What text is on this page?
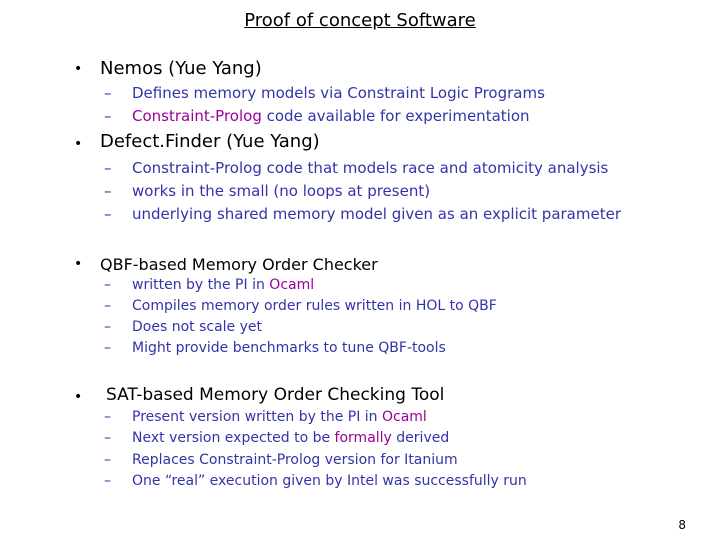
Proof of concept Software
• Nemos (Yue Yang)
– Defines memory models via Constraint Logic Programs
– Constraint-Prolog code available for experimentation
• Defect.Finder (Yue Yang)
– Constraint-Prolog code that models race and atomicity analysis
– works in the small (no loops at present)
– underlying shared memory model given as an explicit parameter
• QBF-based Memory Order Checker
– written by the PI in Ocaml
– Compiles memory order rules written in HOL to QBF
– Does not scale yet
– Might provide benchmarks to tune QBF-tools
• SAT-based Memory Order Checking Tool
– Present version written by the PI in Ocaml
– Next version expected to be formally derived
– Replaces Constraint-Prolog version for Itanium
– One “real” execution given by Intel was successfully run
8
